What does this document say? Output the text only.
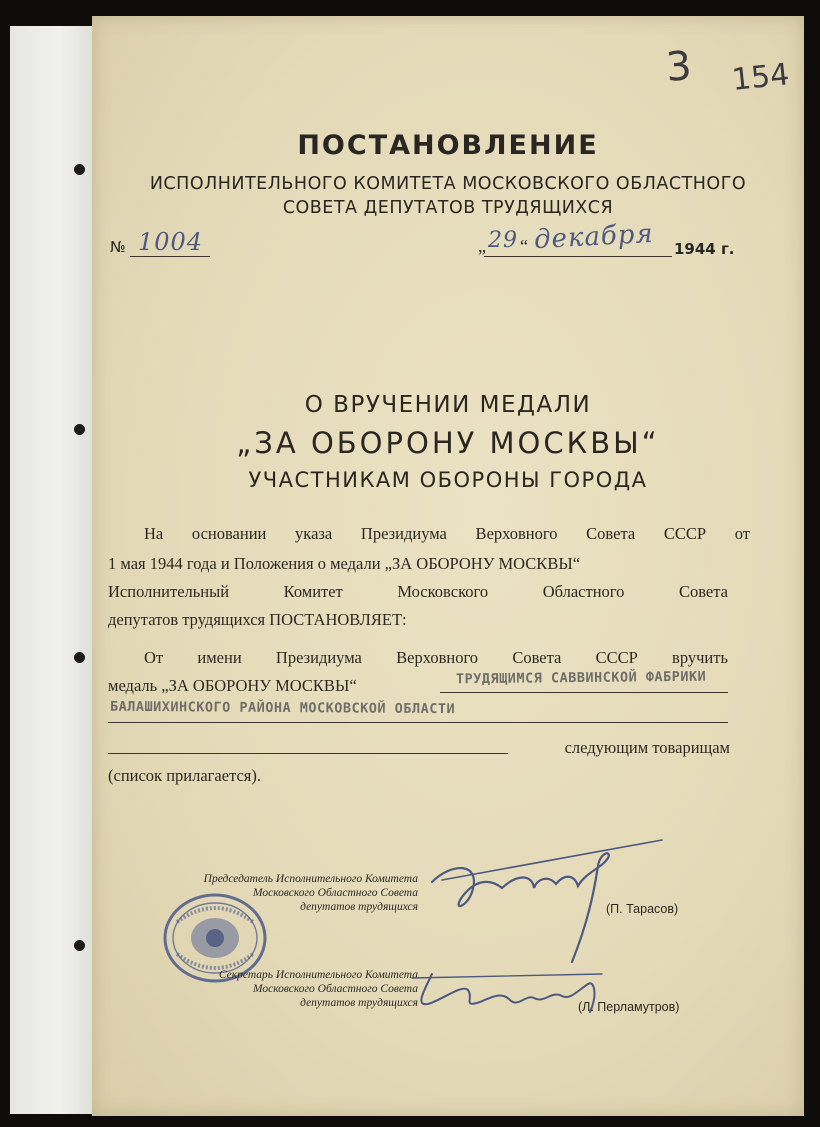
3 154
ПОСТАНОВЛЕНИЕ
ИСПОЛНИТЕЛЬНОГО КОМИТЕТА МОСКОВСКОГО ОБЛАСТНОГО
СОВЕТА ДЕПУТАТОВ ТРУДЯЩИХСЯ
№ 1004	„ 29 “ декабря 1944 г.
О ВРУЧЕНИИ МЕДАЛИ
„ЗА ОБОРОНУ МОСКВЫ“
УЧАСТНИКАМ ОБОРОНЫ ГОРОДА
На основании указа Президиума Верховного Совета СССР от
1 мая 1944 года и Положения о медали „ЗА ОБОРОНУ МОСКВЫ“
Исполнительный Комитет Московского Областного Совета
депутатов трудящихся ПОСТАНОВЛЯЕТ:
От имени Президиума Верховного Совета СССР вручить
медаль „ЗА ОБОРОНУ МОСКВЫ“	ТРУДЯЩИМСЯ САВВИНСКОЙ ФАБРИКИ
БАЛАШИХИНСКОГО РАЙОНА МОСКОВСКОЙ ОБЛАСТИ
следующим товарищам
(список прилагается).
Председатель Исполнительного Комитета
Московского Областного Совета
депутатов трудящихся	(П. Тарасов)
Секретарь Исполнительного Комитета
Московского Областного Совета
депутатов трудящихся	(Л. Перламутров)
